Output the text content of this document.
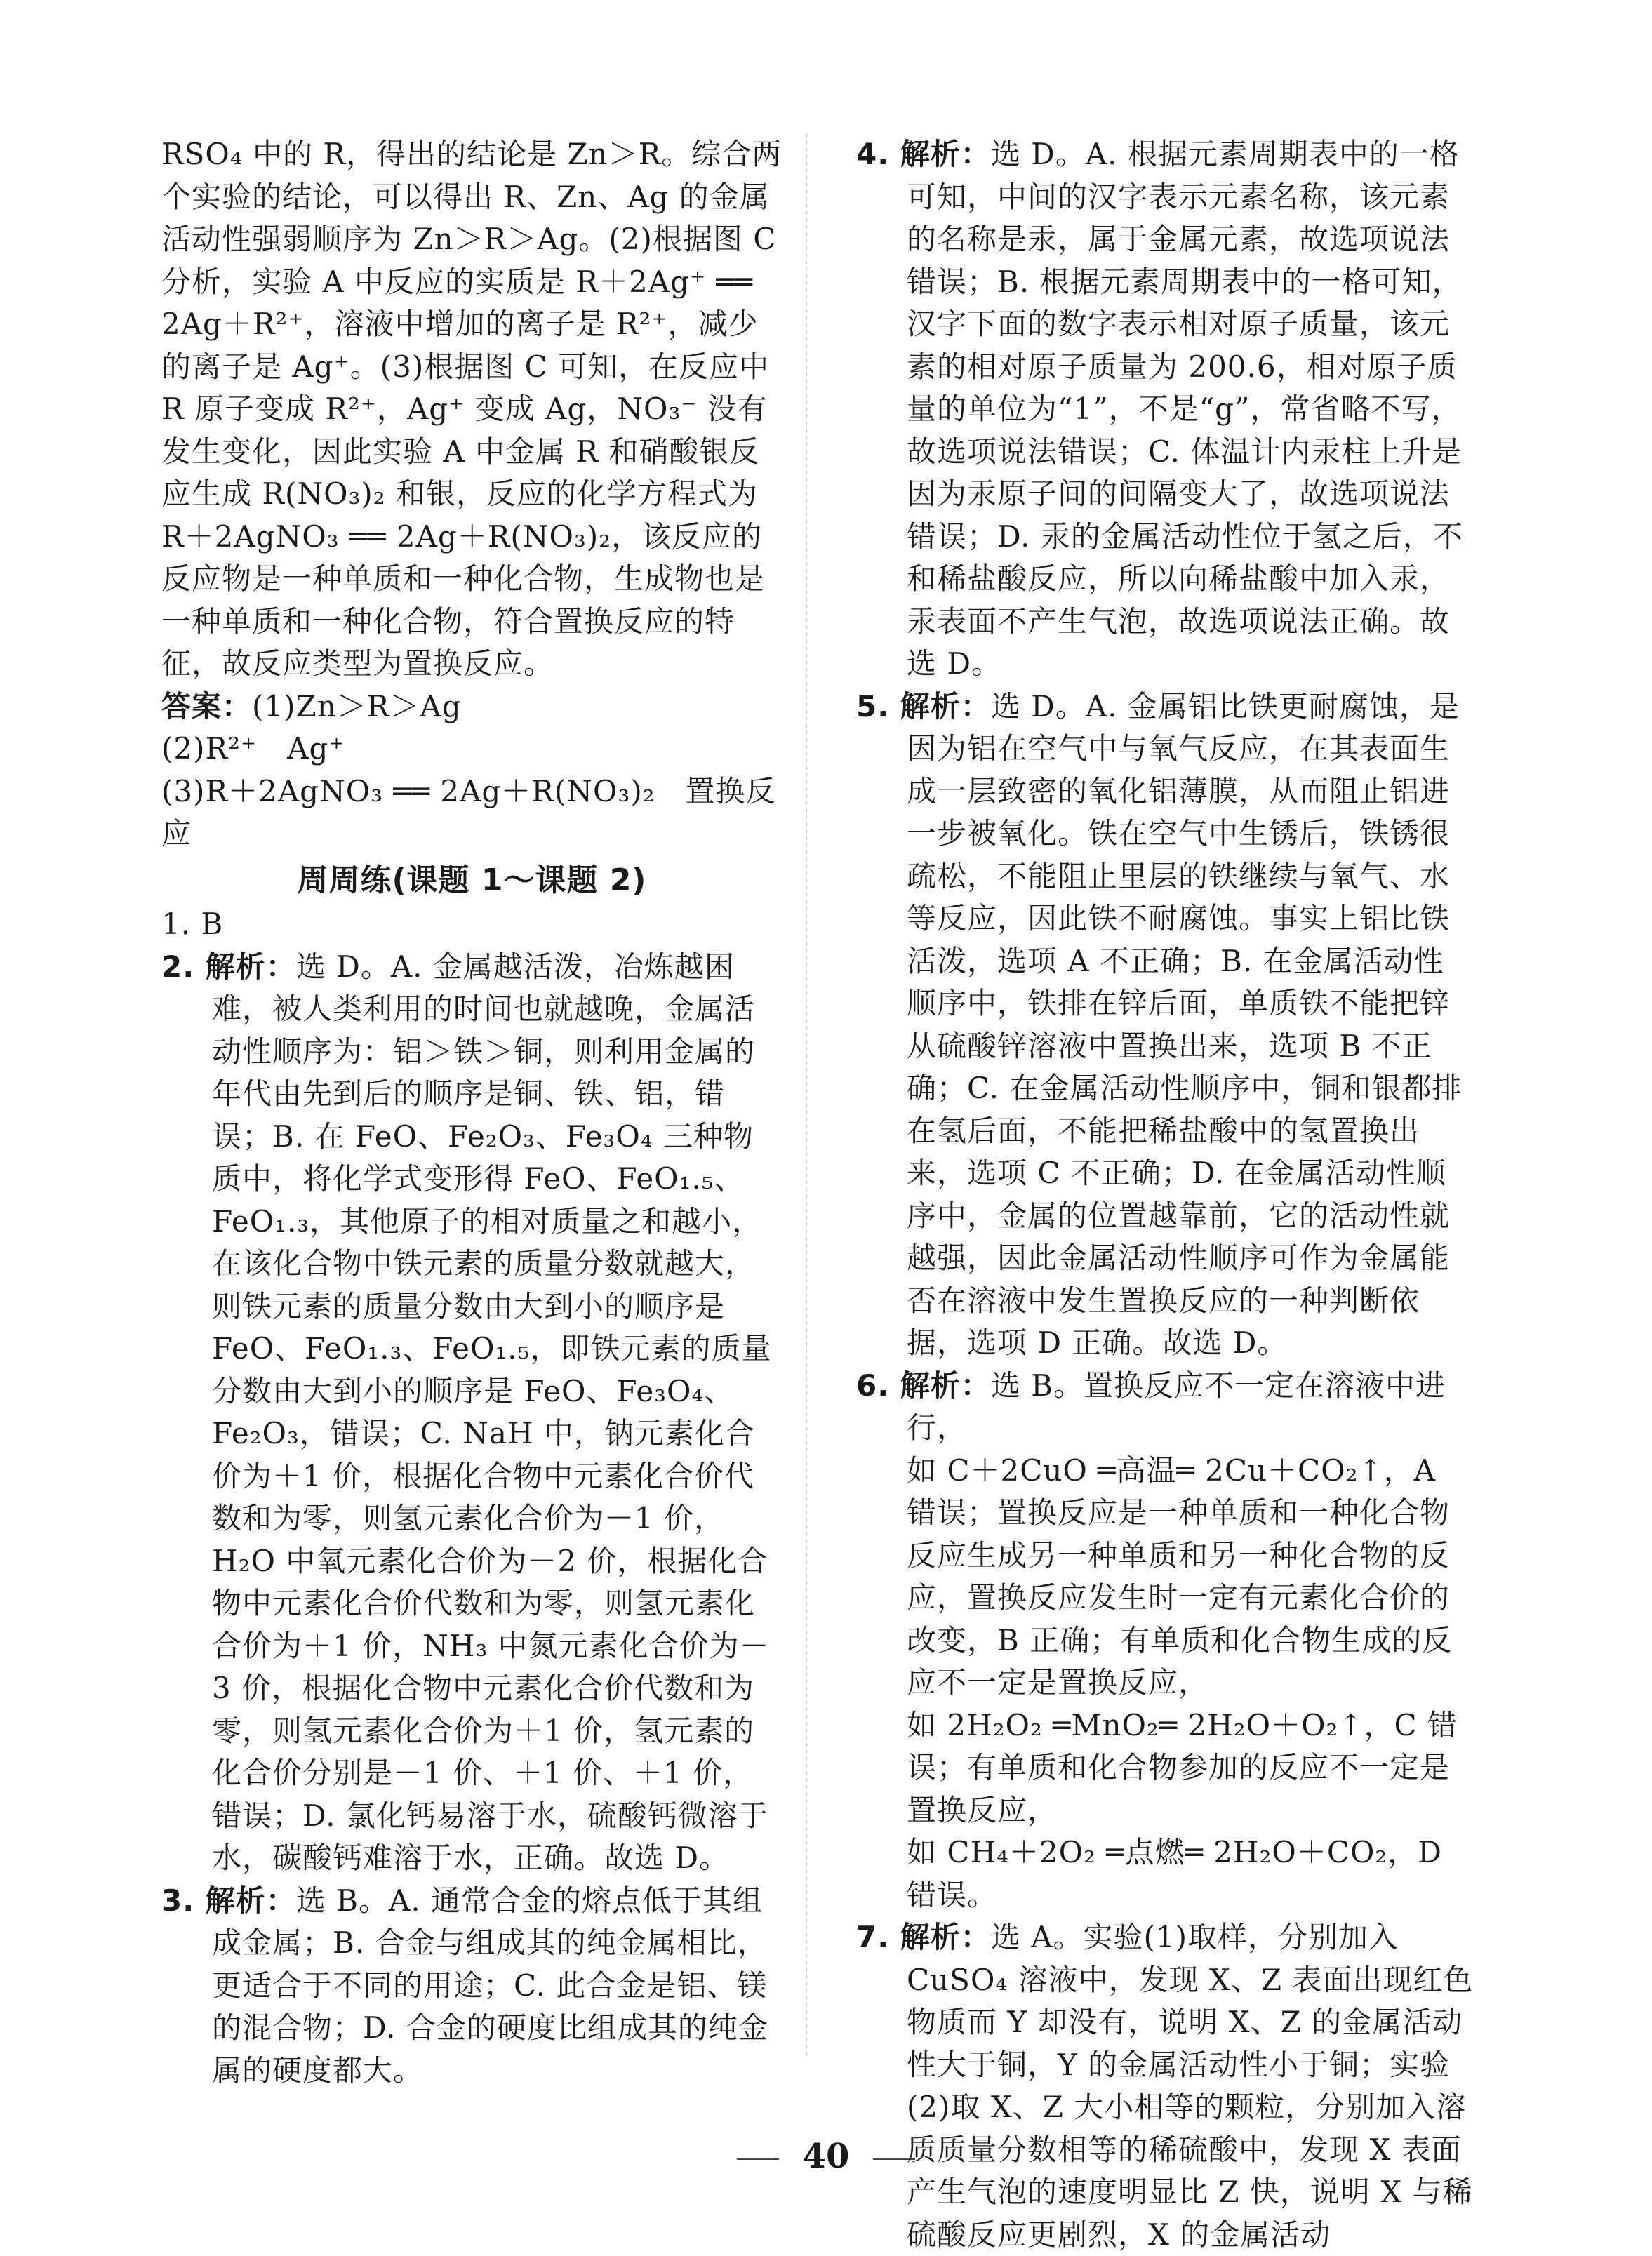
RSO₄ 中的 R，得出的结论是 Zn＞R。综合两个实验的结论，可以得出 R、Zn、Ag 的金属活动性强弱顺序为 Zn＞R＞Ag。(2)根据图 C 分析，实验 A 中反应的实质是 R＋2Ag⁺ ══ 2Ag＋R²⁺，溶液中增加的离子是 R²⁺，减少的离子是 Ag⁺。(3)根据图 C 可知，在反应中 R 原子变成 R²⁺，Ag⁺ 变成 Ag，NO₃⁻ 没有发生变化，因此实验 A 中金属 R 和硝酸银反应生成 R(NO₃)₂ 和银，反应的化学方程式为 R＋2AgNO₃ ══ 2Ag＋R(NO₃)₂，该反应的反应物是一种单质和一种化合物，生成物也是一种单质和一种化合物，符合置换反应的特征，故反应类型为置换反应。

答案：(1)Zn＞R＞Ag

(2)R²⁺　Ag⁺

(3)R＋2AgNO₃ ══ 2Ag＋R(NO₃)₂　置换反应

周周练(课题 1～课题 2)

1. B

2. 解析：选 D。A. 金属越活泼，冶炼越困难，被人类利用的时间也就越晚，金属活动性顺序为：铝＞铁＞铜，则利用金属的年代由先到后的顺序是铜、铁、铝，错误；B. 在 FeO、Fe₂O₃、Fe₃O₄ 三种物质中，将化学式变形得 FeO、FeO₁.₅、FeO₁.₃，其他原子的相对质量之和越小，在该化合物中铁元素的质量分数就越大，则铁元素的质量分数由大到小的顺序是 FeO、FeO₁.₃、FeO₁.₅，即铁元素的质量分数由大到小的顺序是 FeO、Fe₃O₄、Fe₂O₃，错误；C. NaH 中，钠元素化合价为＋1 价，根据化合物中元素化合价代数和为零，则氢元素化合价为－1 价，H₂O 中氧元素化合价为－2 价，根据化合物中元素化合价代数和为零，则氢元素化合价为＋1 价，NH₃ 中氮元素化合价为－3 价，根据化合物中元素化合价代数和为零，则氢元素化合价为＋1 价，氢元素的化合价分别是－1 价、＋1 价、＋1 价，错误；D. 氯化钙易溶于水，硫酸钙微溶于水，碳酸钙难溶于水，正确。故选 D。

3. 解析：选 B。A. 通常合金的熔点低于其组成金属；B. 合金与组成其的纯金属相比，更适合于不同的用途；C. 此合金是铝、镁的混合物；D. 合金的硬度比组成其的纯金属的硬度都大。

4. 解析：选 D。A. 根据元素周期表中的一格可知，中间的汉字表示元素名称，该元素的名称是汞，属于金属元素，故选项说法错误；B. 根据元素周期表中的一格可知，汉字下面的数字表示相对原子质量，该元素的相对原子质量为 200.6，相对原子质量的单位为“1”，不是“g”，常省略不写，故选项说法错误；C. 体温计内汞柱上升是因为汞原子间的间隔变大了，故选项说法错误；D. 汞的金属活动性位于氢之后，不和稀盐酸反应，所以向稀盐酸中加入汞，汞表面不产生气泡，故选项说法正确。故选 D。

5. 解析：选 D。A. 金属铝比铁更耐腐蚀，是因为铝在空气中与氧气反应，在其表面生成一层致密的氧化铝薄膜，从而阻止铝进一步被氧化。铁在空气中生锈后，铁锈很疏松，不能阻止里层的铁继续与氧气、水等反应，因此铁不耐腐蚀。事实上铝比铁活泼，选项 A 不正确；B. 在金属活动性顺序中，铁排在锌后面，单质铁不能把锌从硫酸锌溶液中置换出来，选项 B 不正确；C. 在金属活动性顺序中，铜和银都排在氢后面，不能把稀盐酸中的氢置换出来，选项 C 不正确；D. 在金属活动性顺序中，金属的位置越靠前，它的活动性就越强，因此金属活动性顺序可作为金属能否在溶液中发生置换反应的一种判断依据，选项 D 正确。故选 D。

6. 解析：选 B。置换反应不一定在溶液中进行，

如 C＋2CuO ═高温═ 2Cu＋CO₂↑，A 错误；置换反应是一种单质和一种化合物反应生成另一种单质和另一种化合物的反应，置换反应发生时一定有元素化合价的改变，B 正确；有单质和化合物生成的反应不一定是置换反应，

如 2H₂O₂ ═MnO₂═ 2H₂O＋O₂↑，C 错误；有单质和化合物参加的反应不一定是置换反应，

如 CH₄＋2O₂ ═点燃═ 2H₂O＋CO₂，D 错误。

7. 解析：选 A。实验(1)取样，分别加入 CuSO₄ 溶液中，发现 X、Z 表面出现红色物质而 Y 却没有，说明 X、Z 的金属活动性大于铜，Y 的金属活动性小于铜；实验(2)取 X、Z 大小相等的颗粒，分别加入溶质质量分数相等的稀硫酸中，发现 X 表面产生气泡的速度明显比 Z 快，说明 X 与稀硫酸反应更剧烈，X 的金属活动

40
